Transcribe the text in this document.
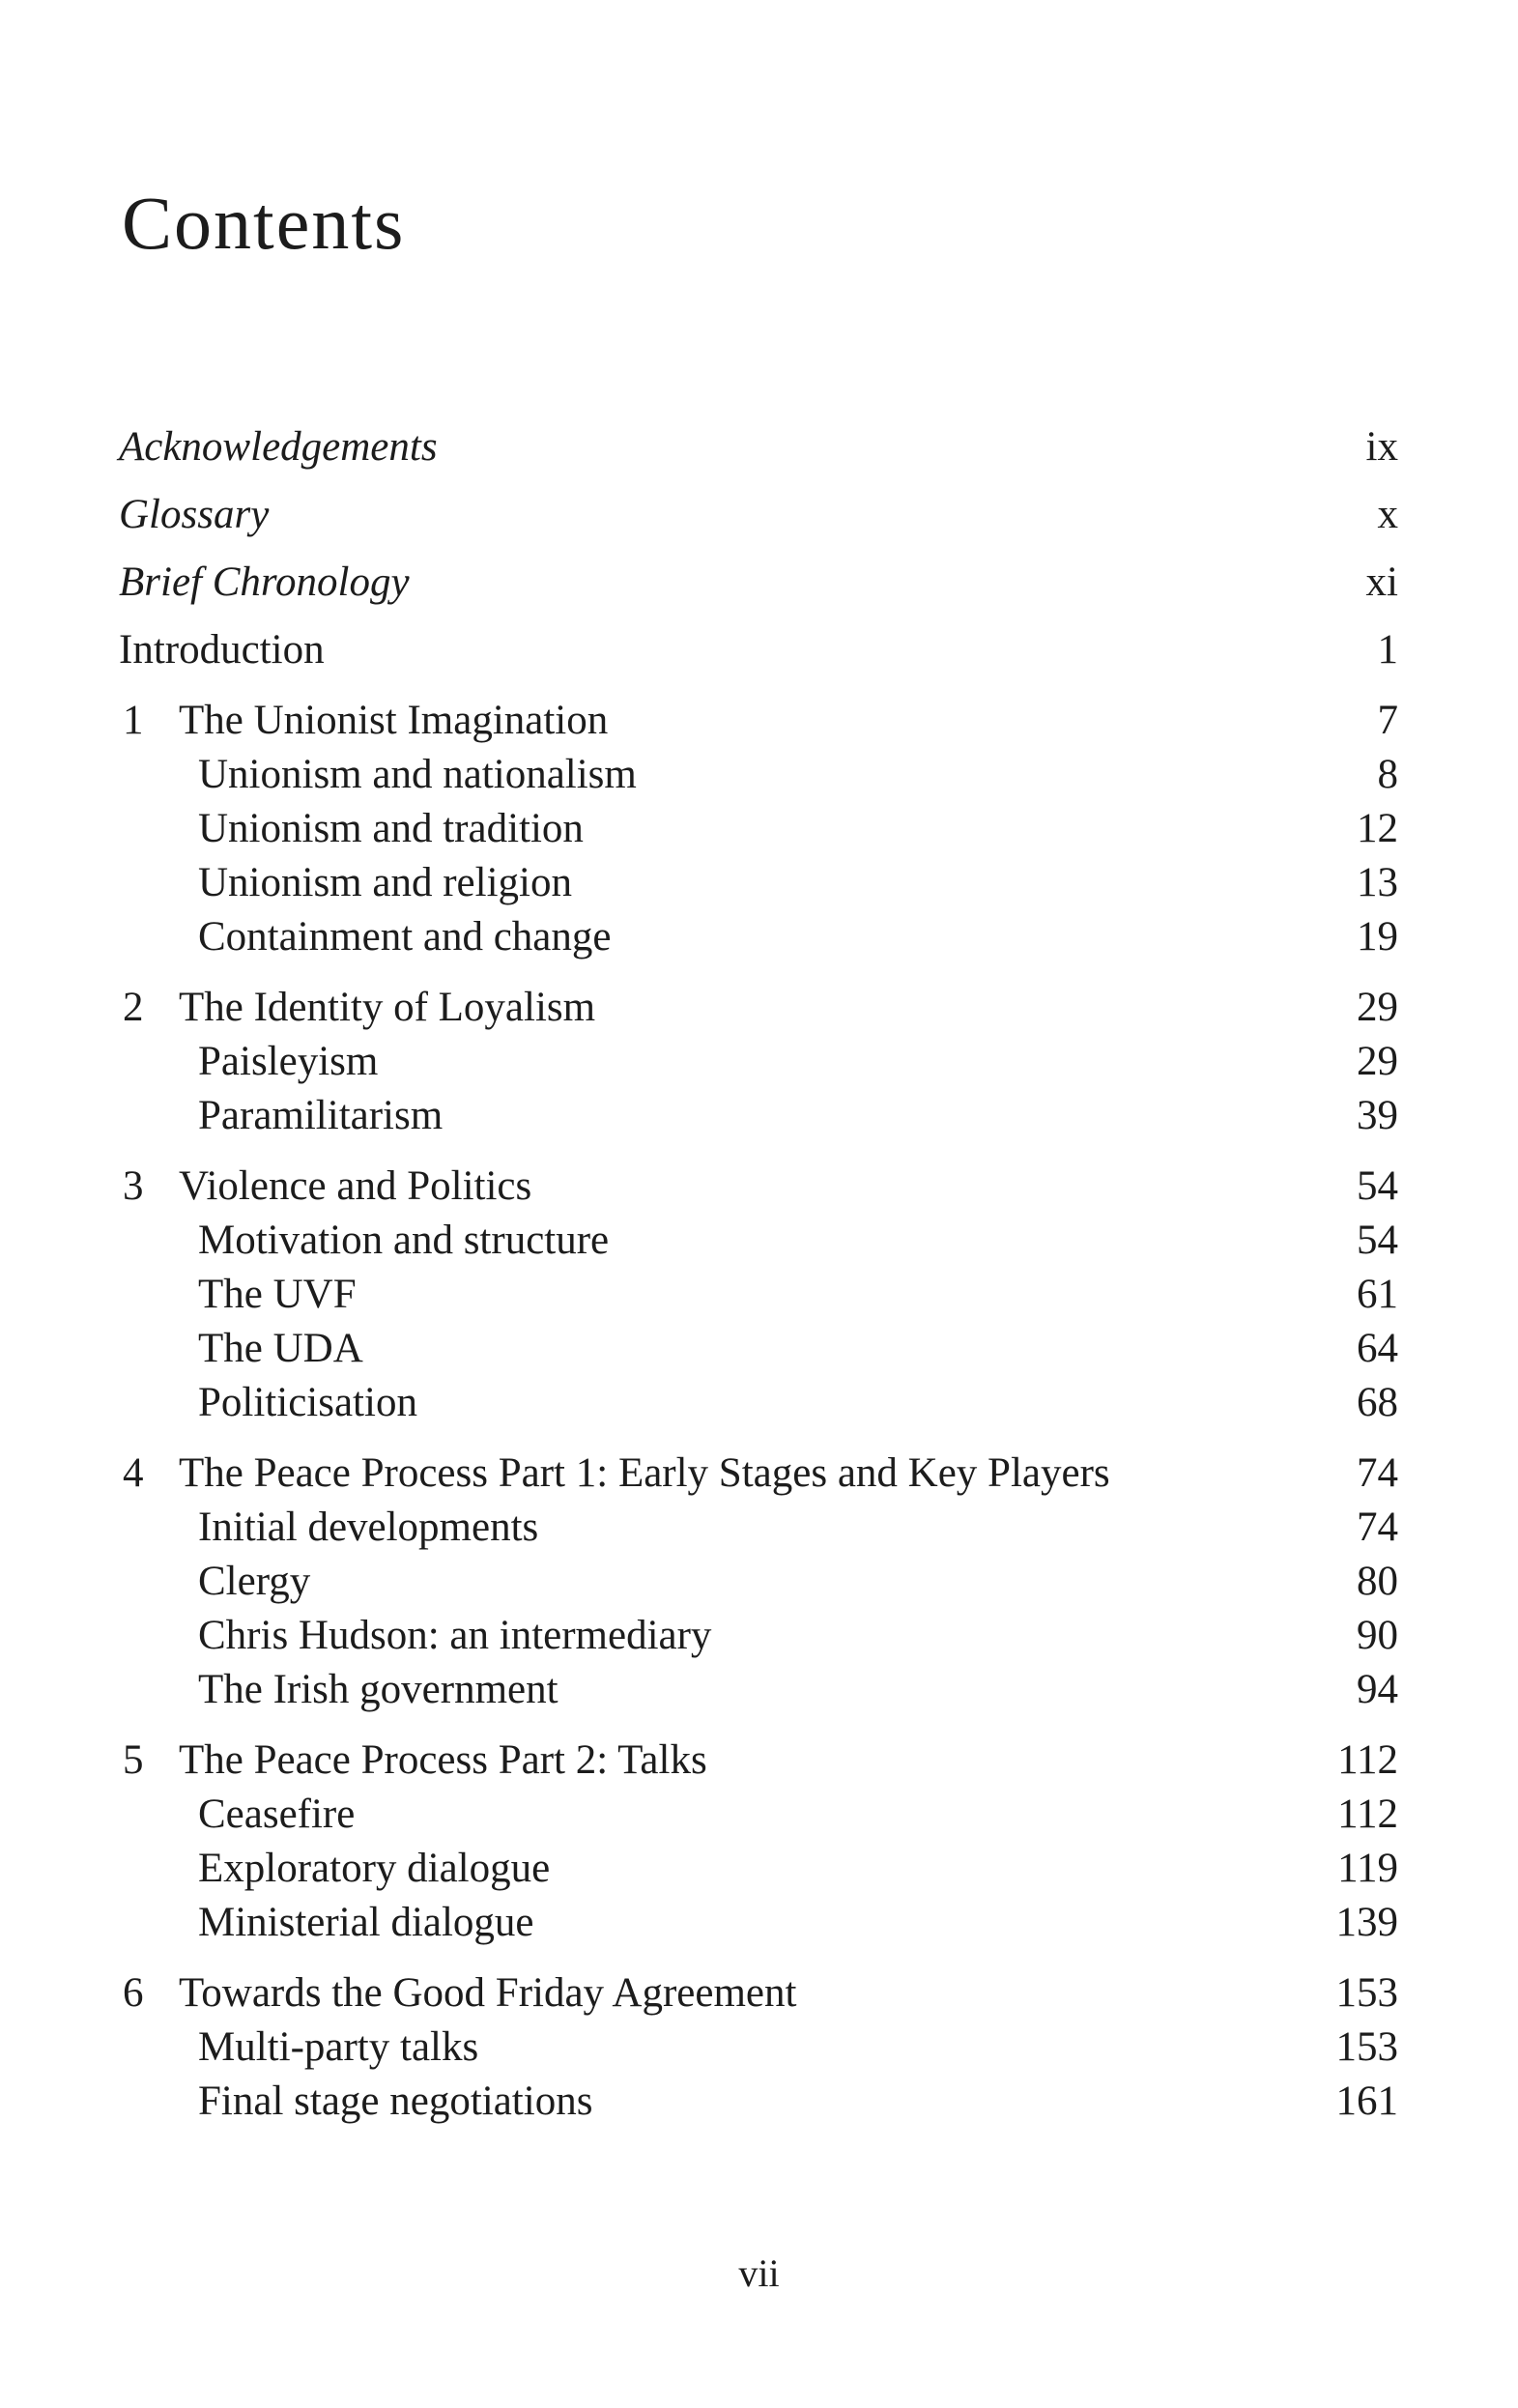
Contents
Acknowledgements	ix
Glossary	x
Brief Chronology	xi
Introduction	1
1 The Unionist Imagination	7
Unionism and nationalism	8
Unionism and tradition	12
Unionism and religion	13
Containment and change	19
2 The Identity of Loyalism	29
Paisleyism	29
Paramilitarism	39
3 Violence and Politics	54
Motivation and structure	54
The UVF	61
The UDA	64
Politicisation	68
4 The Peace Process Part 1: Early Stages and Key Players	74
Initial developments	74
Clergy	80
Chris Hudson: an intermediary	90
The Irish government	94
5 The Peace Process Part 2: Talks	112
Ceasefire	112
Exploratory dialogue	119
Ministerial dialogue	139
6 Towards the Good Friday Agreement	153
Multi-party talks	153
Final stage negotiations	161
vii
